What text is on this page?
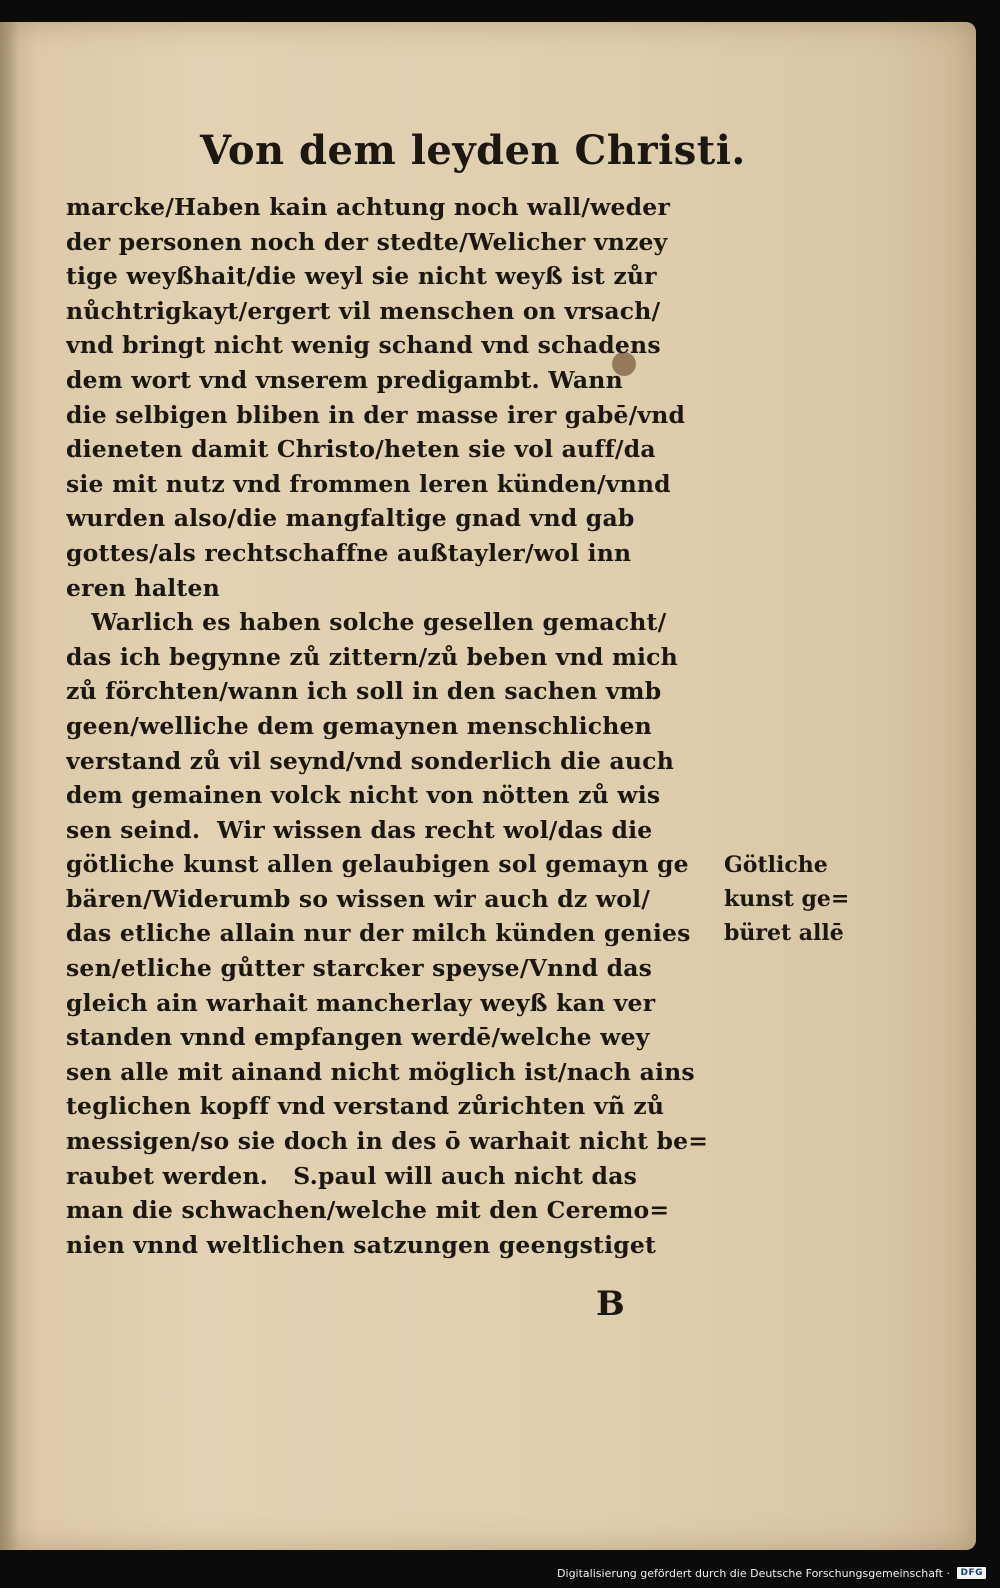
Von dem leyden Christi.
marcke/Haben kain achtung noch wall/weder
der personen noch der stedte/Welicher vnzey
tige weyßhait/die weyl sie nicht weyß ist zůr
nůchtrigkayt/ergert vil menschen on vrsach/
vnd bringt nicht wenig schand vnd schadens
dem wort vnd vnserem predigambt. Wann
die selbigen bliben in der masse irer gabē/vnd
dieneten damit Christo/heten sie vol auff/da
sie mit nutz vnd frommen leren künden/vnnd
wurden also/die mangfaltige gnad vnd gab
gottes/als rechtschaffne außtayler/wol inn
eren halten
Warlich es haben solche gesellen gemacht/
das ich begynne zů zittern/zů beben vnd mich
zů förchten/wann ich soll in den sachen vmb
geen/welliche dem gemaynen menschlichen
verstand zů vil seynd/vnd sonderlich die auch
dem gemainen volck nicht von nötten zů wis
sen seind.  Wir wissen das recht wol/das die
götliche kunst allen gelaubigen sol gemayn ge
bären/Widerumb so wissen wir auch dz wol/
das etliche allain nur der milch künden genies
sen/etliche gůtter starcker speyse/Vnnd das
gleich ain warhait mancherlay weyß kan ver
standen vnnd empfangen werdē/welche wey
sen alle mit ainand nicht möglich ist/nach ains
teglichen kopff vnd verstand zůrichten vñ zů
messigen/so sie doch in des ō warhait nicht be=
raubet werden.   S.paul will auch nicht das
man die schwachen/welche mit den Ceremo=
nien vnnd weltlichen satzungen geengstiget
Götliche
kunst ge=
büret allē
B
Digitalisierung gefördert durch die Deutsche Forschungsgemeinschaft · DFG
